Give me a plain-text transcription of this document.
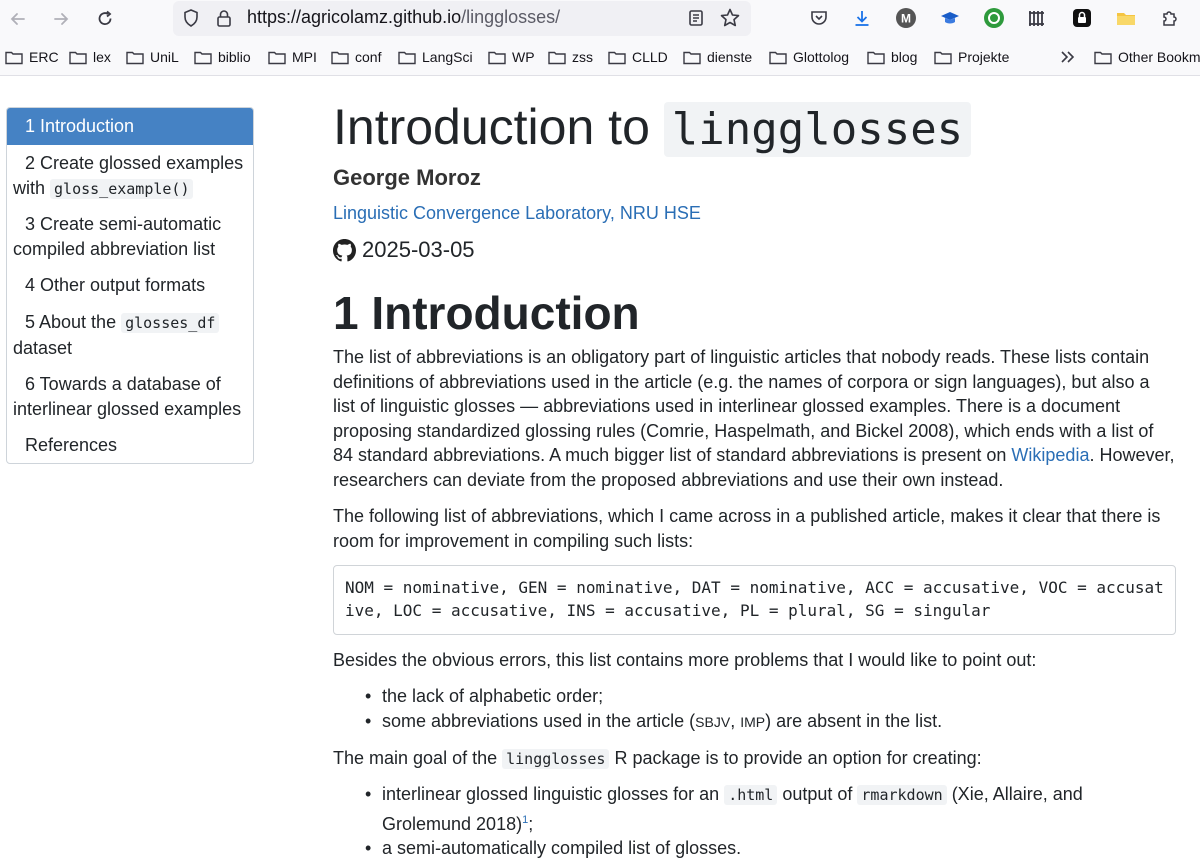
https://agricolamz.github.io/lingglosses/	M
ERC lex	UniL	biblio	MPI	conf	LangSci	WP	zss	CLLD	dienste	Glottolog	blog	Projekte	Other Bookm
1 Introduction
2 Create glossed examples
with gloss_example()
3 Create semi-automatic
compiled abbreviation list
4 Other output formats
5 About the glosses_df
dataset
6 Towards a database of
interlinear glossed examples
References
Introduction to lingglosses
George Moroz
Linguistic Convergence Laboratory, NRU HSE
2025-03-05
1 Introduction

The list of abbreviations is an obligatory part of linguistic articles that nobody reads. These lists contain definitions of abbreviations used in the article (e.g. the names of corpora or sign languages), but also a list of linguistic glosses — abbreviations used in interlinear glossed examples. There is a document proposing standardized glossing rules (Comrie, Haspelmath, and Bickel 2008), which ends with a list of 84 standard abbreviations. A much bigger list of standard abbreviations is present on Wikipedia. However, researchers can deviate from the proposed abbreviations and use their own instead.

The following list of abbreviations, which I came across in a published article, makes it clear that there is room for improvement in compiling such lists:

NOM = nominative, GEN = nominative, DAT = nominative, ACC = accusative, VOC = accusat
ive, LOC = accusative, INS = accusative, PL = plural, SG = singular

Besides the obvious errors, this list contains more problems that I would like to point out:

• the lack of alphabetic order;
• some abbreviations used in the article (SBJV, IMP) are absent in the list.

The main goal of the lingglosses R package is to provide an option for creating:

• interlinear glossed linguistic glosses for an .html output of rmarkdown (Xie, Allaire, and Grolemund 2018)$^1$;
• a semi-automatically compiled list of glosses.
